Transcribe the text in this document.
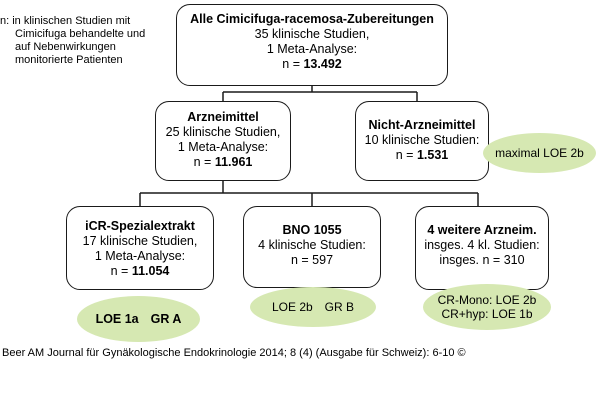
n: in klinischen Studien mit
Cimicifuga behandelte und
auf Nebenwirkungen
monitorierte Patienten
Alle Cimicifuga-racemosa-Zubereitungen
35 klinische Studien,
1 Meta-Analyse:
n = 13.492
Arzneimittel
25 klinische Studien,
1 Meta-Analyse:
n = 11.961
Nicht-Arzneimittel
10 klinische Studien:
n = 1.531	maximal LOE 2b
iCR-Spezialextrakt
17 klinische Studien,
1 Meta-Analyse:
n = 11.054
LOE 1a GR A
BNO 1055
4 klinische Studien:
n = 597
LOE 2b GR B
4 weitere Arzneim.
insges. 4 kl. Studien:
insges. n = 310
CR-Mono: LOE 2b
CR+hyp: LOE 1b
Beer AM Journal für Gynäkologische Endokrinologie 2014; 8 (4) (Ausgabe für Schweiz): 6-10 ©
